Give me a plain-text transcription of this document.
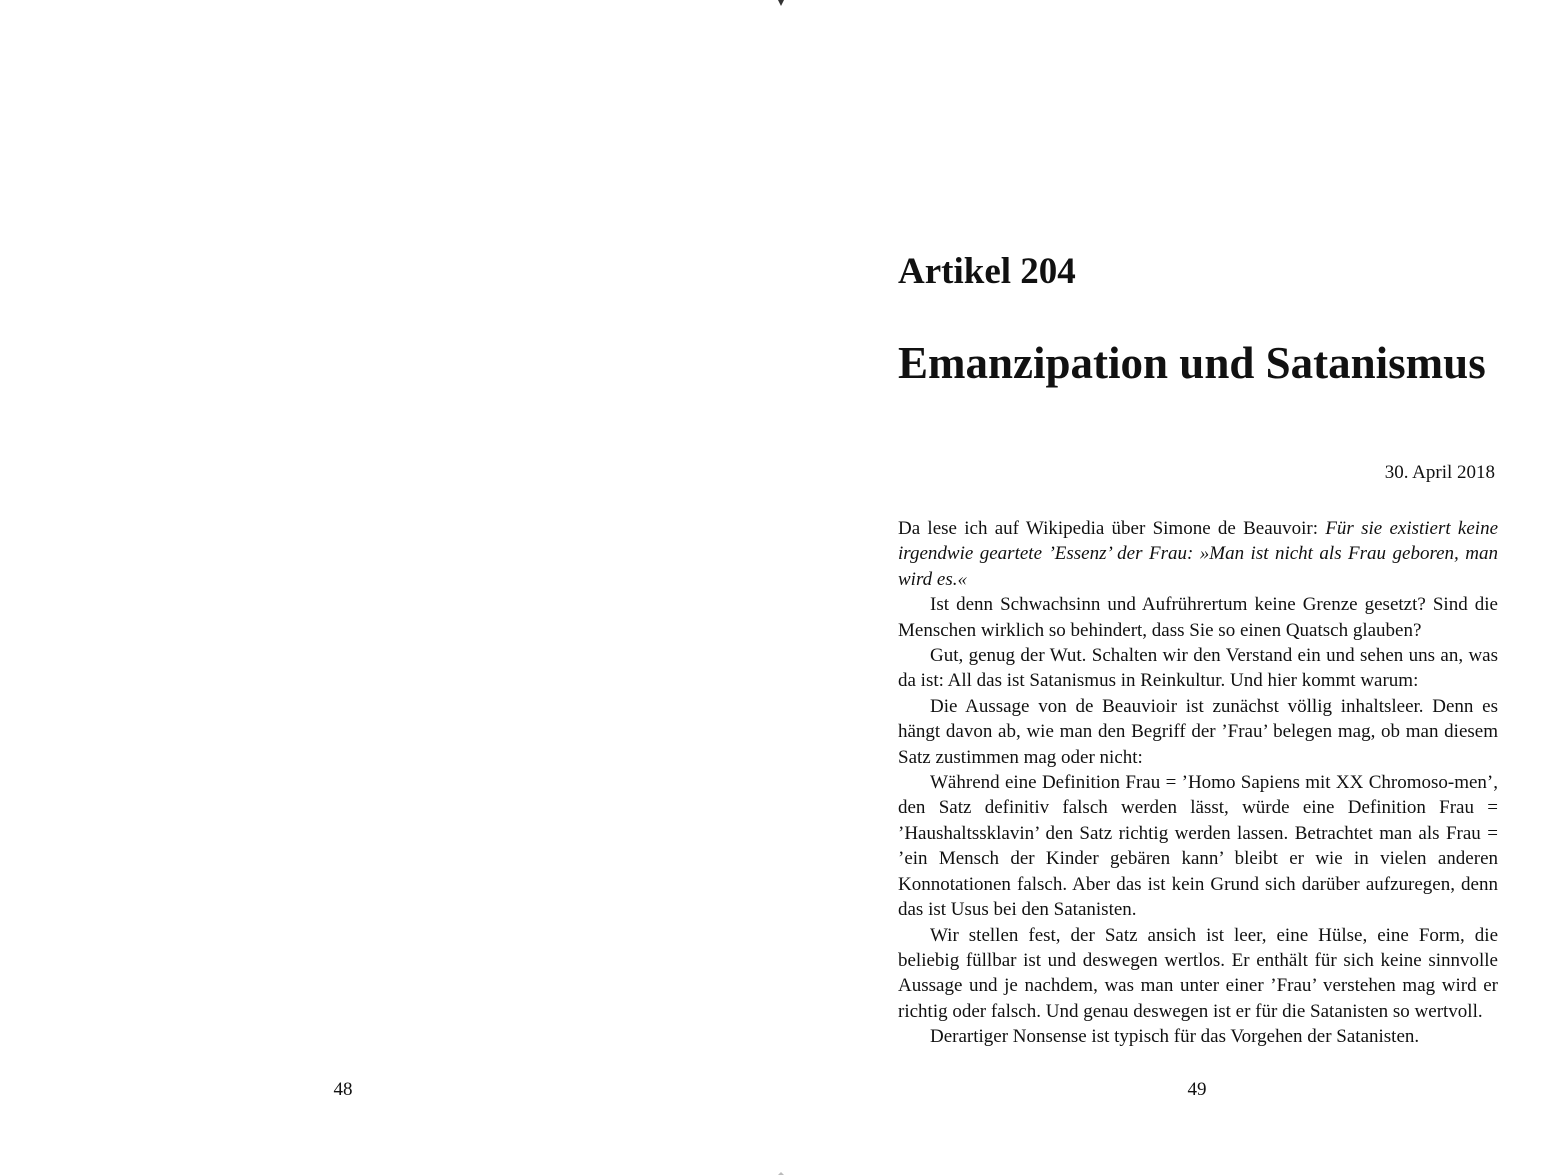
48
Artikel 204
Emanzipation und Satanismus
30. April 2018

Da lese ich auf Wikipedia über Simone de Beauvoir: Für sie existiert keine irgendwie geartete ’Essenz’ der Frau: »Man ist nicht als Frau geboren, man wird es.«

Ist denn Schwachsinn und Aufrührertum keine Grenze gesetzt? Sind die Menschen wirklich so behindert, dass Sie so einen Quatsch glauben?

Gut, genug der Wut. Schalten wir den Verstand ein und sehen uns an, was da ist: All das ist Satanismus in Reinkultur. Und hier kommt warum:

Die Aussage von de Beauvioir ist zunächst völlig inhaltsleer. Denn es hängt davon ab, wie man den Begriff der ’Frau’ belegen mag, ob man diesem Satz zustimmen mag oder nicht:

Während eine Definition Frau = ’Homo Sapiens mit XX Chromoso-men’, den Satz definitiv falsch werden lässt, würde eine Definition Frau = ’Haushaltssklavin’ den Satz richtig werden lassen. Betrachtet man als Frau = ’ein Mensch der Kinder gebären kann’ bleibt er wie in vielen anderen Konnotationen falsch. Aber das ist kein Grund sich darüber aufzuregen, denn das ist Usus bei den Satanisten.

Wir stellen fest, der Satz ansich ist leer, eine Hülse, eine Form, die beliebig füllbar ist und deswegen wertlos. Er enthält für sich keine sinnvolle Aussage und je nachdem, was man unter einer ’Frau’ verstehen mag wird er richtig oder falsch. Und genau deswegen ist er für die Satanisten so wertvoll.

Derartiger Nonsense ist typisch für das Vorgehen der Satanisten.

49
